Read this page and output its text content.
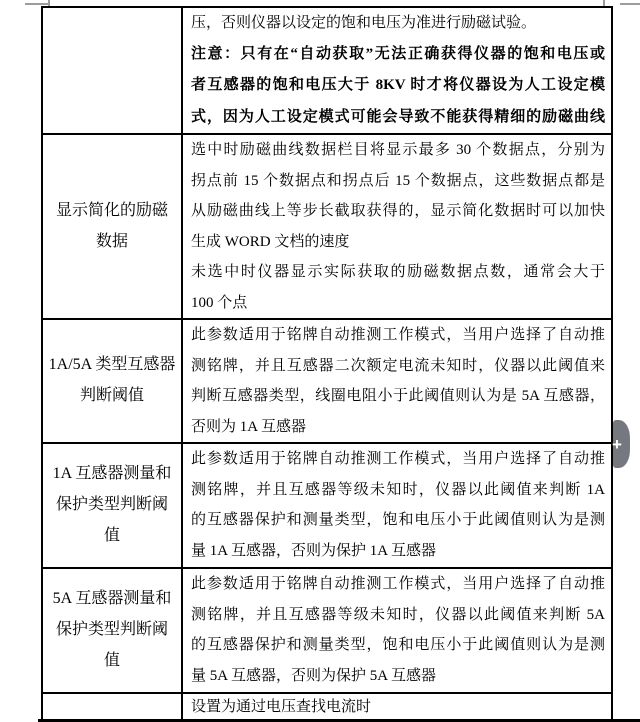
压，否则仪器以设定的饱和电压为准进行励磁试验。
注意：只有在“自动获取”无法正确获得仪器的饱和电压或
者互感器的饱和电压大于 8KV 时才将仪器设为人工设定模
式，因为人工设定模式可能会导致不能获得精细的励磁曲线
显示简化的励磁
数据
选中时励磁曲线数据栏目将显示最多 30 个数据点，分别为
拐点前 15 个数据点和拐点后 15 个数据点，这些数据点都是
从励磁曲线上等步长截取获得的，显示简化数据时可以加快
生成 WORD 文档的速度
未选中时仪器显示实际获取的励磁数据点数，通常会大于
100 个点
1A/5A 类型互感器
判断阈值
此参数适用于铭牌自动推测工作模式，当用户选择了自动推
测铭牌，并且互感器二次额定电流未知时，仪器以此阈值来
判断互感器类型，线圈电阻小于此阈值则认为是 5A 互感器，
否则为 1A 互感器
1A 互感器测量和
保护类型判断阈
值
此参数适用于铭牌自动推测工作模式，当用户选择了自动推
测铭牌，并且互感器等级未知时，仪器以此阈值来判断 1A
的互感器保护和测量类型，饱和电压小于此阈值则认为是测
量 1A 互感器，否则为保护 1A 互感器
5A 互感器测量和
保护类型判断阈
值
此参数适用于铭牌自动推测工作模式，当用户选择了自动推
测铭牌，并且互感器等级未知时，仪器以此阈值来判断 5A
的互感器保护和测量类型，饱和电压小于此阈值则认为是测
量 5A 互感器，否则为保护 5A 互感器
设置为通过电压查找电流时
+
